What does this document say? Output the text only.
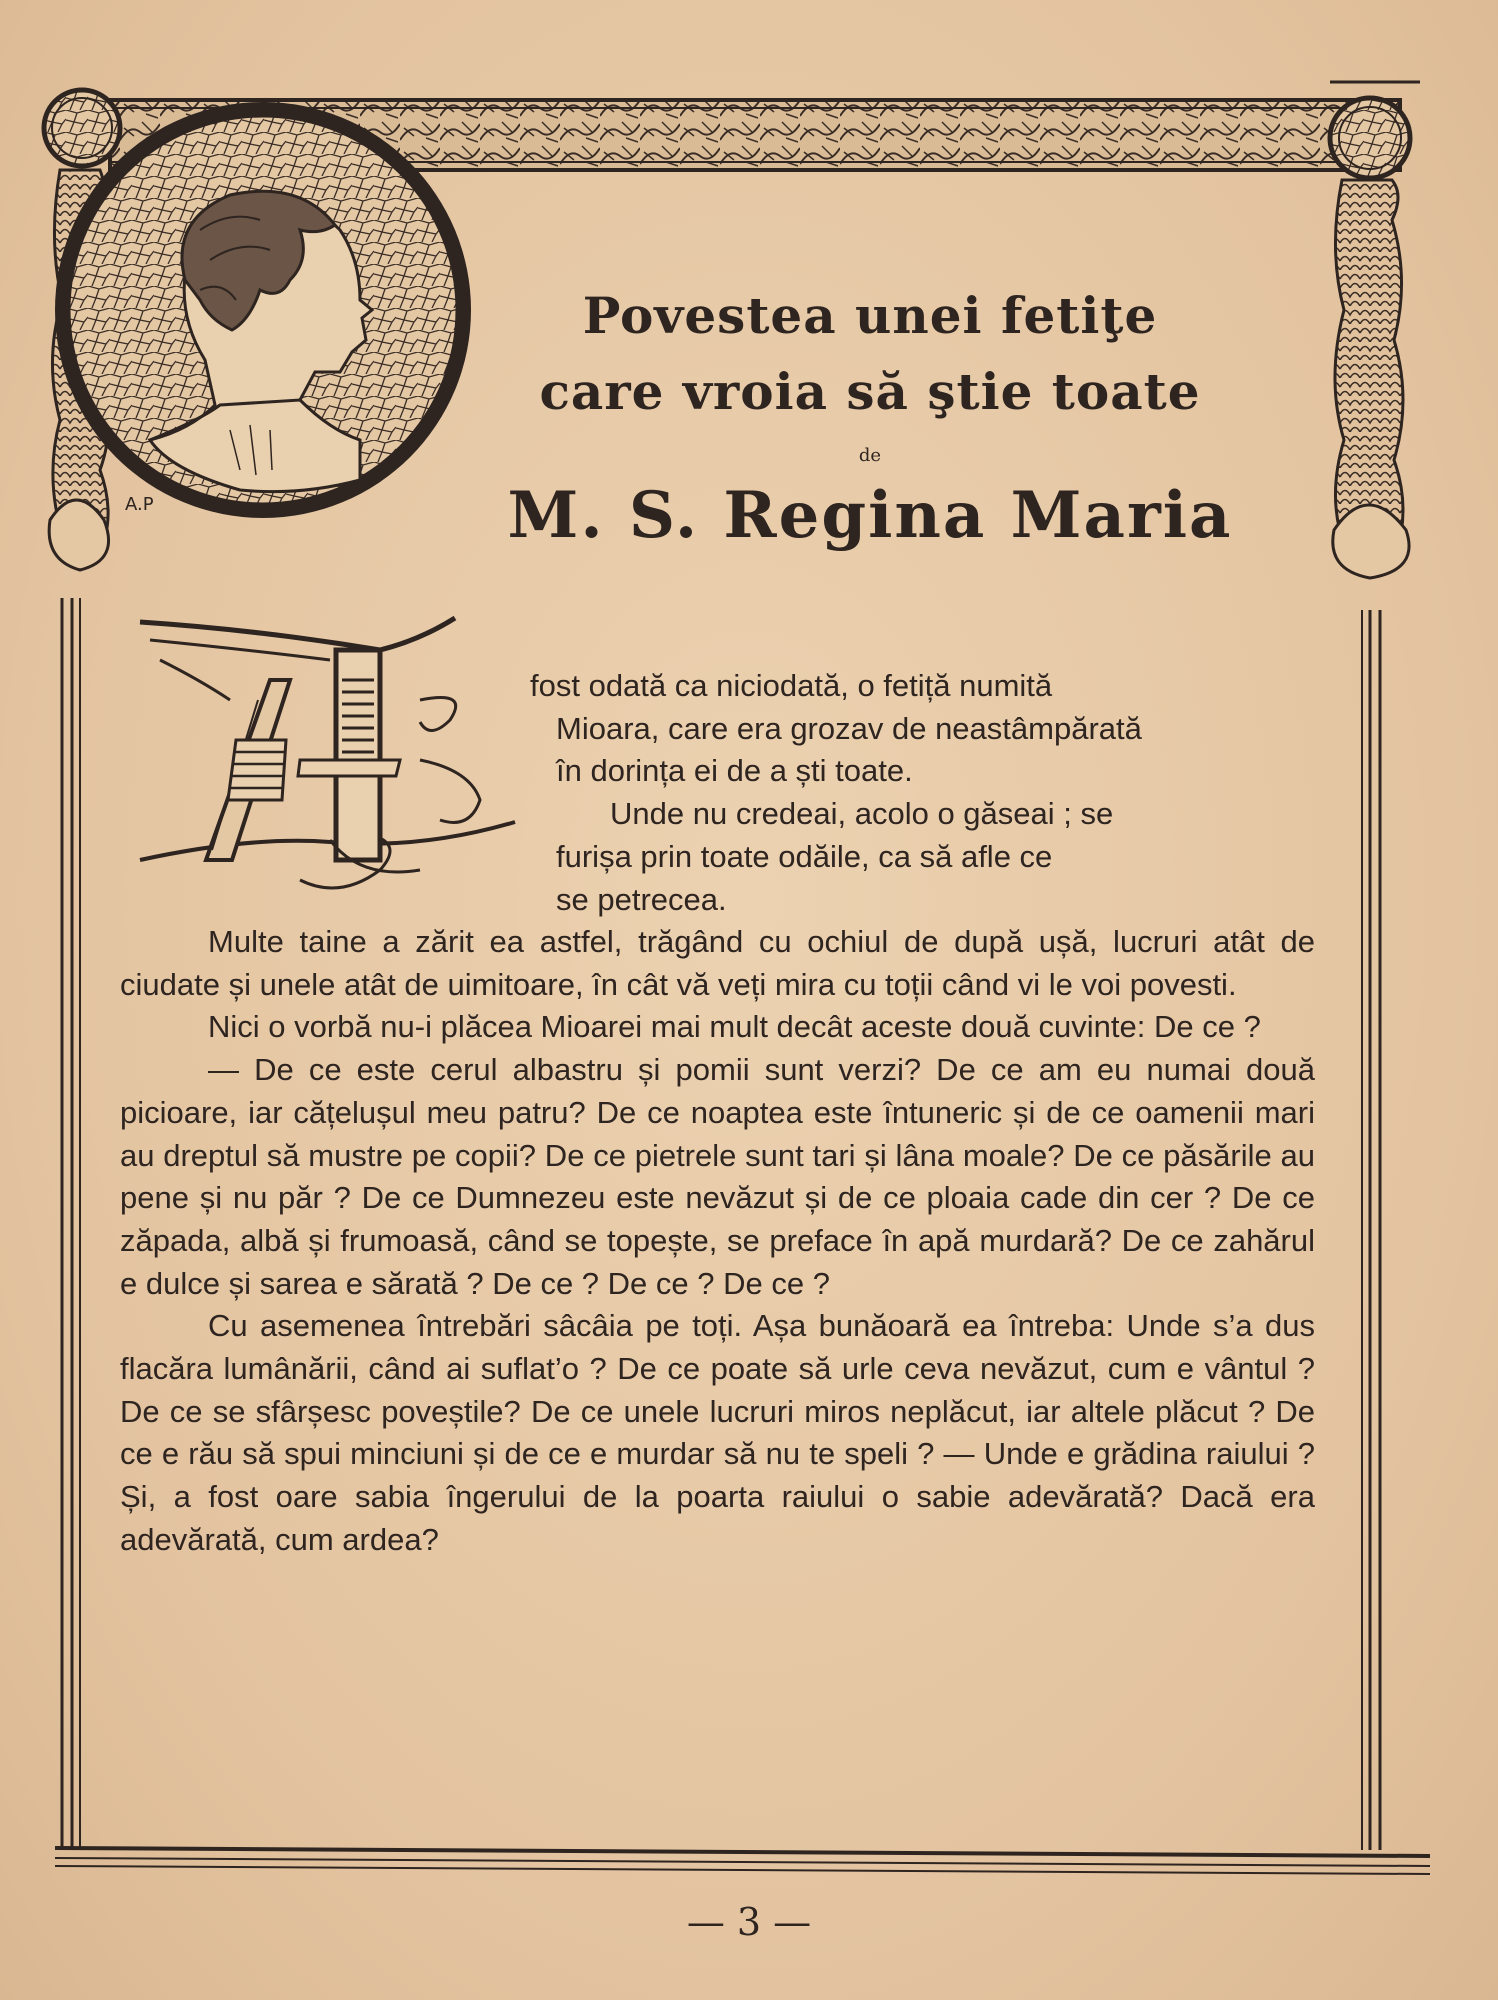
A.P
Povestea unei fetiţe
care vroia să ştie toate
de
M. S. Regina Maria

fost odată ca niciodată, o fetiță numită

Mioara, care era grozav de neastâmpărată

în dorința ei de a ști toate.

Unde nu credeai, acolo o găseai ; se

furișa prin toate odăile, ca să afle ce

se petrecea.

Multe taine a zărit ea astfel, trăgând cu ochiul de după ușă, lucruri atât de ciudate și unele atât de uimitoare, în cât vă veți mira cu toții când vi le voi povesti.

Nici o vorbă nu-i plăcea Mioarei mai mult decât aceste două cuvinte: De ce ?

— De ce este cerul albastru și pomii sunt verzi? De ce am eu numai două picioare, iar cățelușul meu patru? De ce noaptea este întuneric și de ce oamenii mari au dreptul să mustre pe copii? De ce pietrele sunt tari și lâna moale? De ce păsările au pene și nu păr ? De ce Dumnezeu este nevăzut și de ce ploaia cade din cer ? De ce zăpada, albă și frumoasă, când se topește, se preface în apă murdară? De ce zahărul e dulce și sarea e sărată ? De ce ? De ce ? De ce ?

Cu asemenea întrebări sâcâia pe toți. Așa bunăoară ea întreba: Unde s’a dus flacăra lumânării, când ai suflat’o ? De ce poate să urle ceva nevăzut, cum e vântul ? De ce se sfârșesc poveștile? De ce unele lucruri miros neplăcut, iar altele plăcut ? De ce e rău să spui minciuni și de ce e murdar să nu te speli ? — Unde e grădina raiului ? Și, a fost oare sabia îngerului de la poarta raiului o sabie adevărată? Dacă era adevărată, cum ardea?

— 3 —
